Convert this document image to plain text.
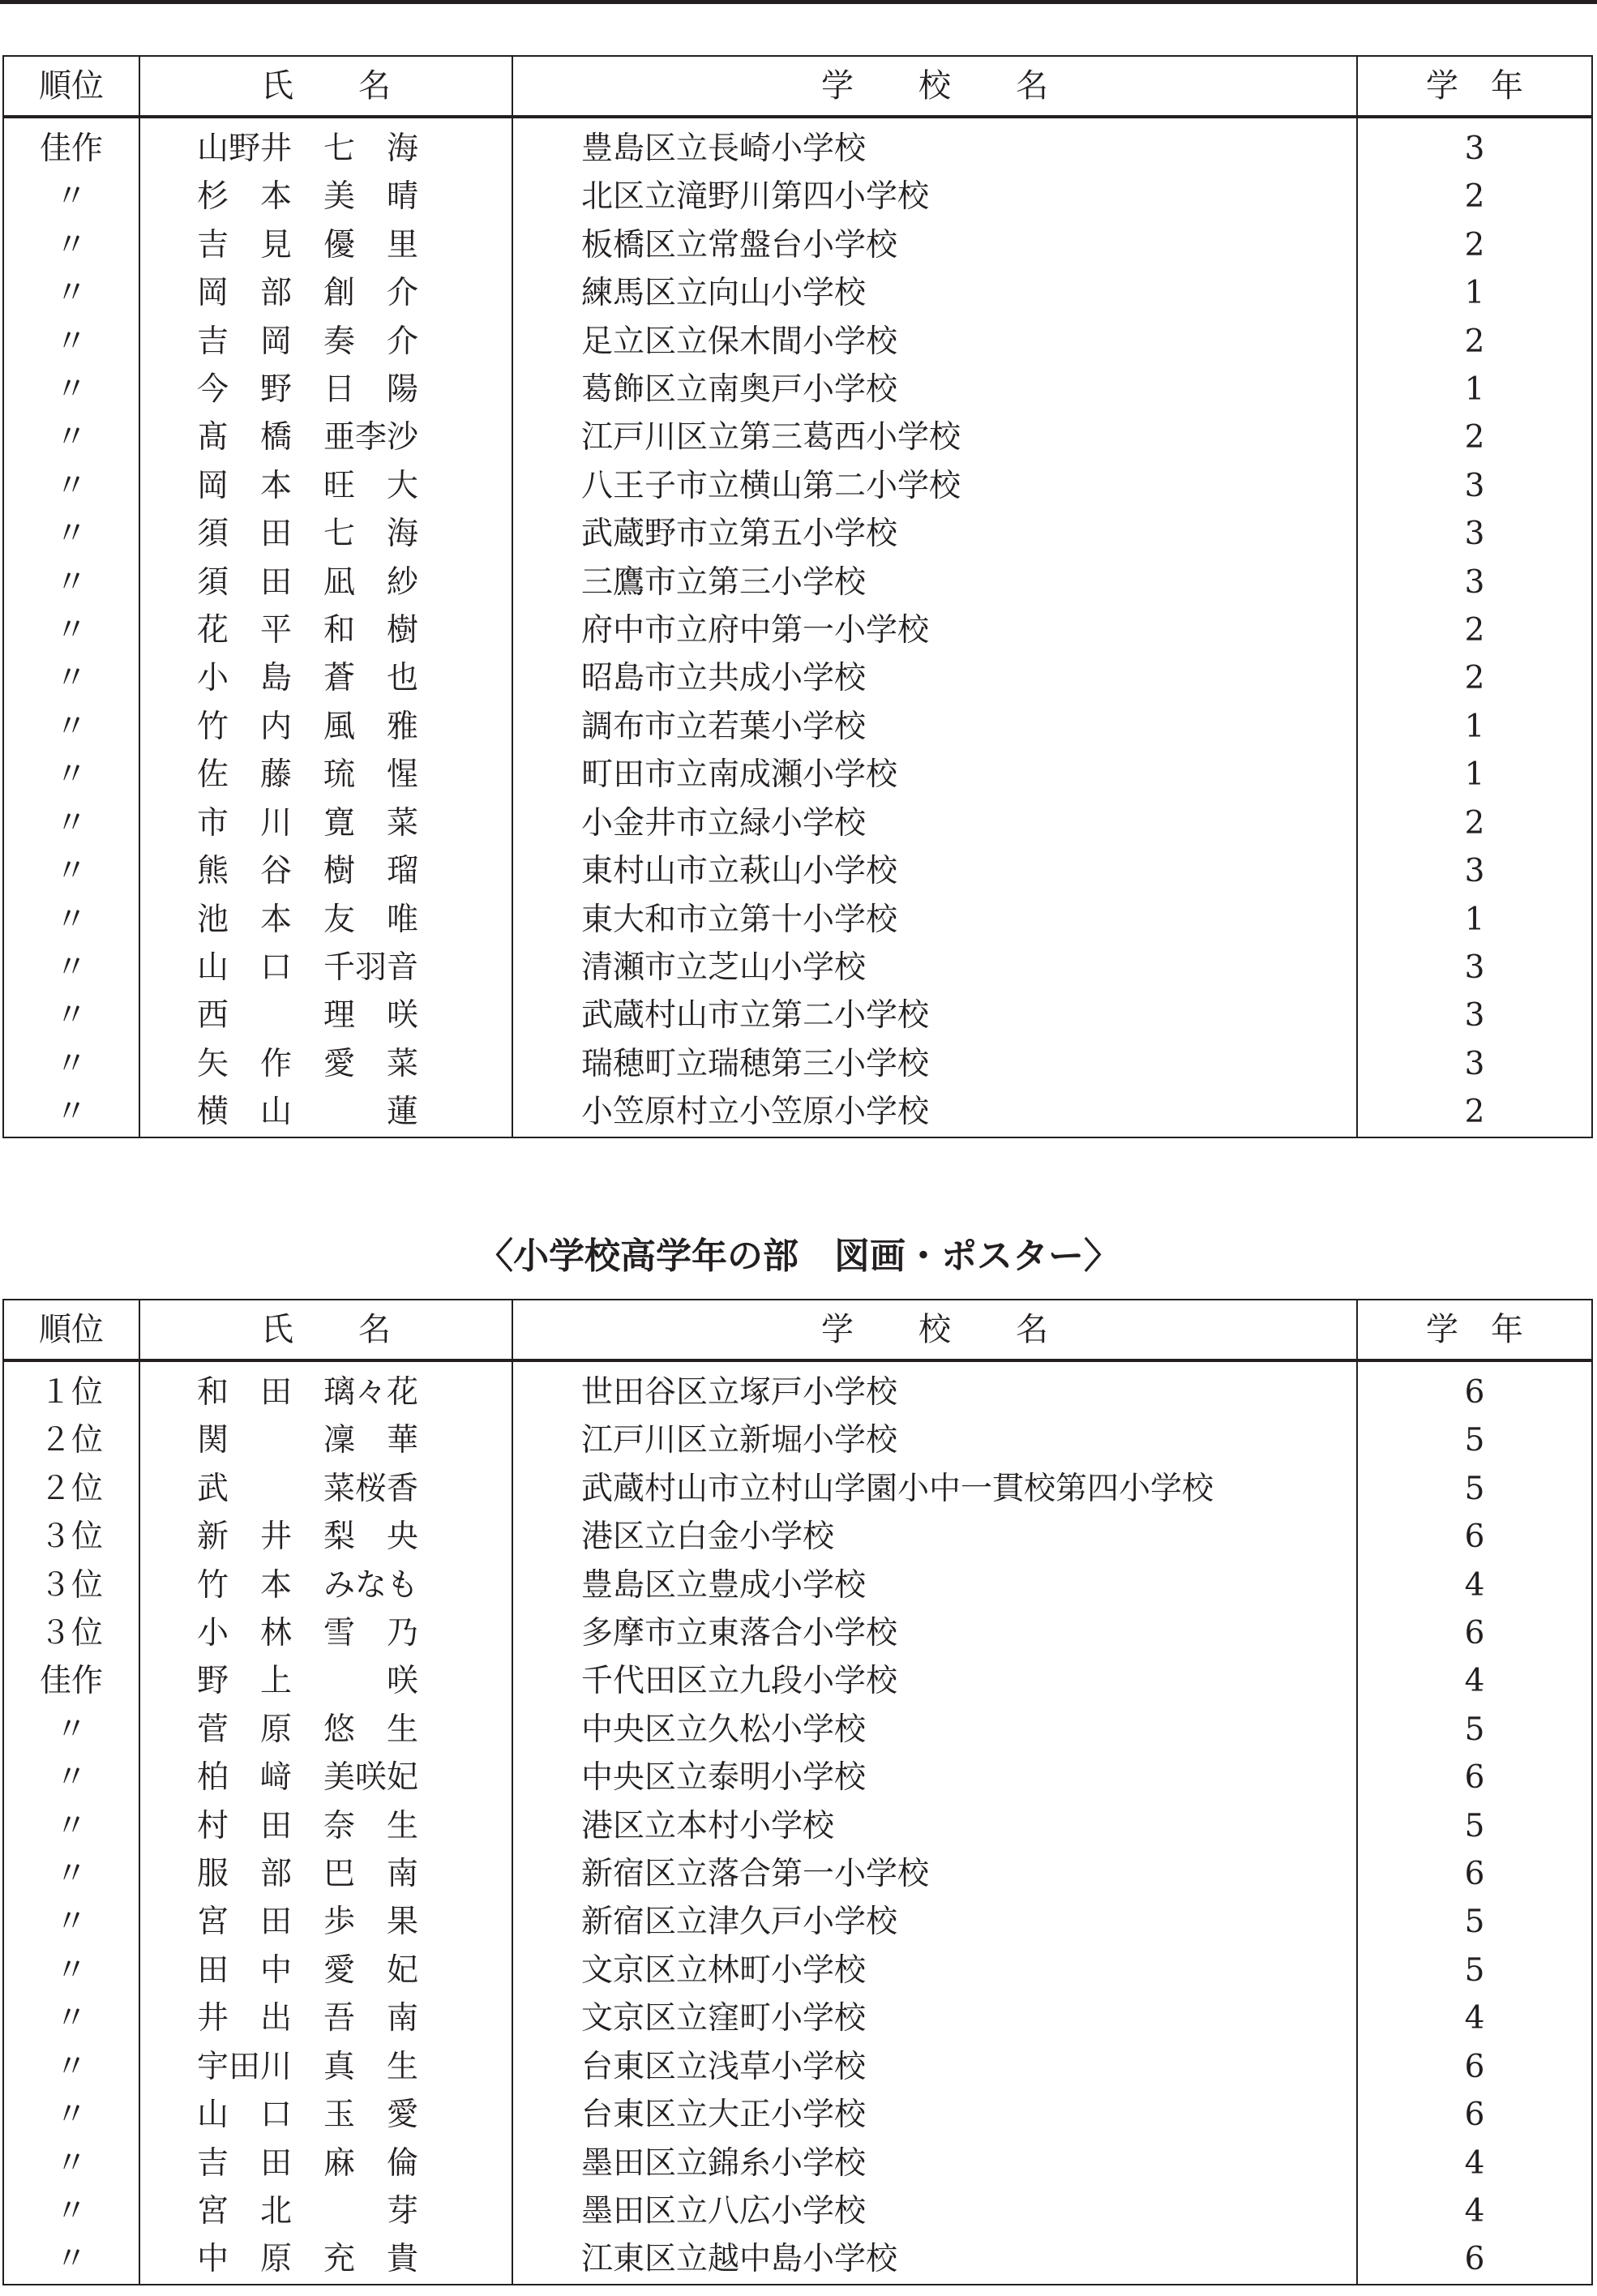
順位	氏　　名	学　　校　　名	学　年
佳作	山野井　七　海	豊島区立長崎小学校	3
〃	杉　本　美　晴	北区立滝野川第四小学校	2
〃	吉　見　優　里	板橋区立常盤台小学校	2
〃	岡　部　創　介	練馬区立向山小学校	1
〃	吉　岡　奏　介	足立区立保木間小学校	2
〃	今　野　日　陽	葛飾区立南奥戸小学校	1
〃	髙　橋　亜李沙	江戸川区立第三葛西小学校	2
〃	岡　本　旺　大	八王子市立横山第二小学校	3
〃	須　田　七　海	武蔵野市立第五小学校	3
〃	須　田　凪　紗	三鷹市立第三小学校	3
〃	花　平　和　樹	府中市立府中第一小学校	2
〃	小　島　蒼　也	昭島市立共成小学校	2
〃	竹　内　風　雅	調布市立若葉小学校	1
〃	佐　藤　琉　惺	町田市立南成瀬小学校	1
〃	市　川　寛　菜	小金井市立緑小学校	2
〃	熊　谷　樹　瑠	東村山市立萩山小学校	3
〃	池　本　友　唯	東大和市立第十小学校	1
〃	山　口　千羽音	清瀬市立芝山小学校	3
〃	西　　　理　咲	武蔵村山市立第二小学校	3
〃	矢　作　愛　菜	瑞穂町立瑞穂第三小学校	3
〃	横　山　　　蓮	小笠原村立小笠原小学校	2
〈小学校高学年の部　図画・ポスター〉
順位	氏　　名	学　　校　　名	学　年
１位	和　田　璃々花	世田谷区立塚戸小学校	6
２位	関　　　凜　華	江戸川区立新堀小学校	5
２位	武　　　菜桜香	武蔵村山市立村山学園小中一貫校第四小学校	5
３位	新　井　梨　央	港区立白金小学校	6
３位	竹　本　みなも	豊島区立豊成小学校	4
３位	小　林　雪　乃	多摩市立東落合小学校	6
佳作	野　上　　　咲	千代田区立九段小学校	4
〃	菅　原　悠　生	中央区立久松小学校	5
〃	柏　﨑　美咲妃	中央区立泰明小学校	6
〃	村　田　奈　生	港区立本村小学校	5
〃	服　部　巴　南	新宿区立落合第一小学校	6
〃	宮　田　歩　果	新宿区立津久戸小学校	5
〃	田　中　愛　妃	文京区立林町小学校	5
〃	井　出　吾　南	文京区立窪町小学校	4
〃	宇田川　真　生	台東区立浅草小学校	6
〃	山　口　玉　愛	台東区立大正小学校	6
〃	吉　田　麻　倫	墨田区立錦糸小学校	4
〃	宮　北　　　芽	墨田区立八広小学校	4
〃	中　原　充　貴	江東区立越中島小学校	6
